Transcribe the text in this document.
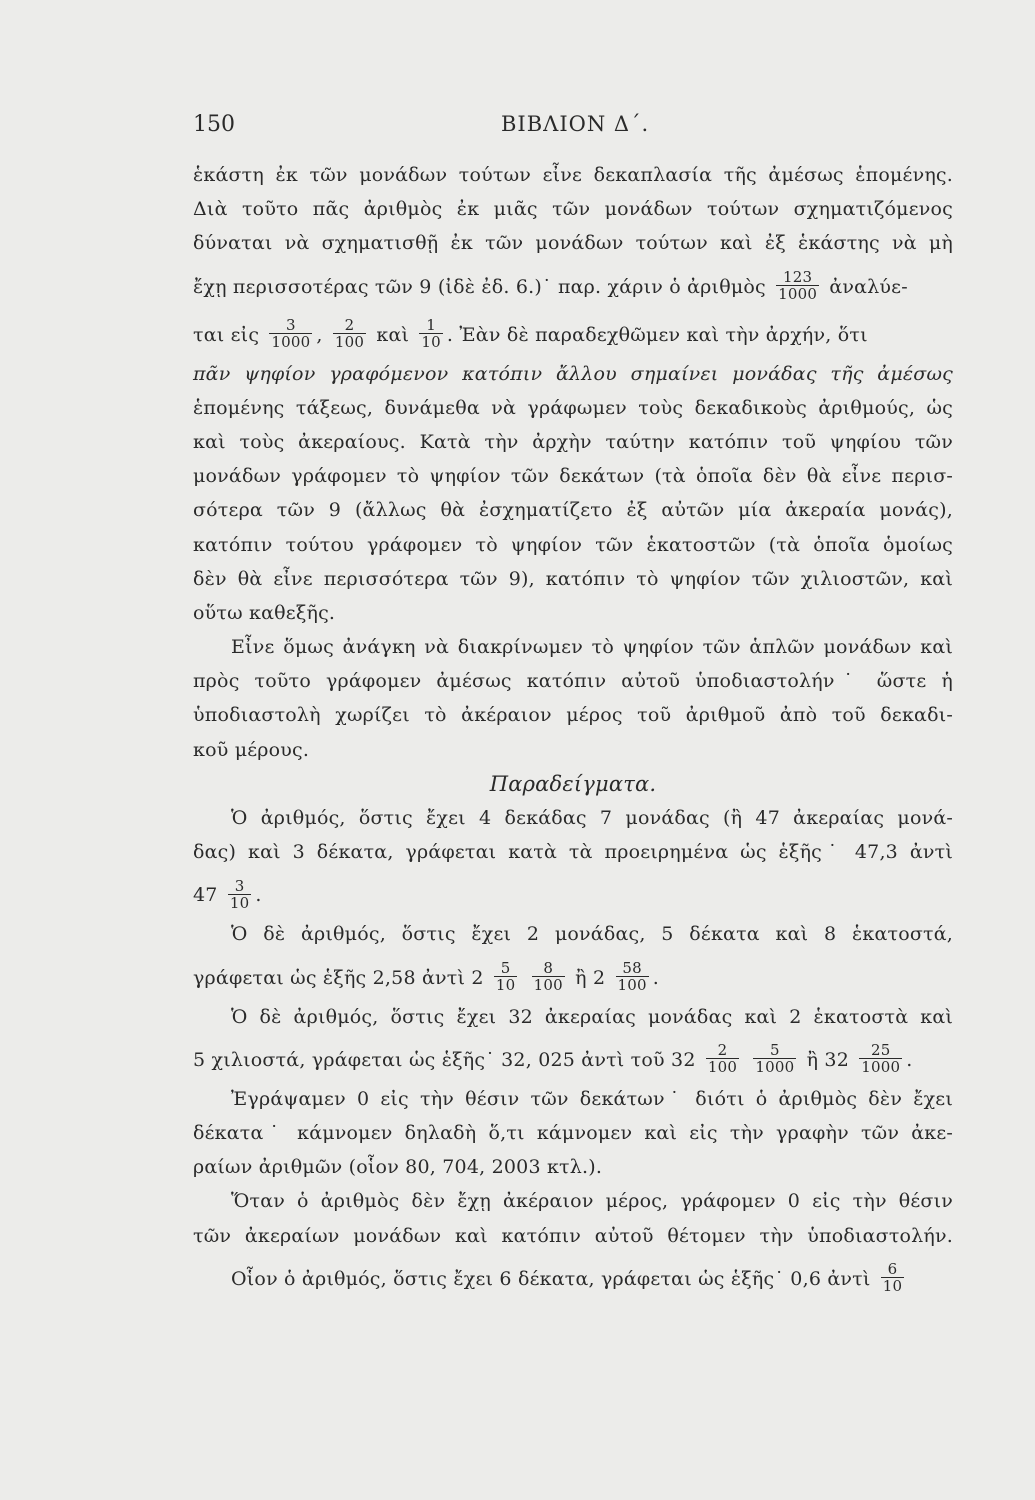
150	ΒΙΒΛΙΟΝ Δ΄.
ἑκάστη ἐκ τῶν μονάδων τούτων εἶνε δεκαπλασία τῆς ἀμέσως ἑπομένης.
Διὰ τοῦτο πᾶς ἀριθμὸς ἐκ μιᾶς τῶν μονάδων τούτων σχηματιζόμενος
δύναται νὰ σχηματισθῇ ἐκ τῶν μονάδων τούτων καὶ ἐξ ἑκάστης νὰ μὴ
ἔχῃ περισσοτέρας τῶν 9 (ἰδὲ ἐδ. 6.)˙ παρ. χάριν ὁ ἀριθμὸς $\frac{123}{1000}$ ἀναλύε-
ται εἰς $\frac{3}{1000}$ , $\frac{2}{100}$ καὶ $\frac{1}{10}$ . Ἐὰν δὲ παραδεχθῶμεν καὶ τὴν ἀρχήν, ὅτι
πᾶν ψηφίον γραφόμενον κατόπιν ἄλλου σημαίνει μονάδας τῆς ἀμέσως
ἑπομένης τάξεως, δυνάμεθα νὰ γράφωμεν τοὺς δεκαδικοὺς ἀριθμούς, ὡς
καὶ τοὺς ἀκεραίους. Κατὰ τὴν ἀρχὴν ταύτην κατόπιν τοῦ ψηφίου τῶν
μονάδων γράφομεν τὸ ψηφίον τῶν δεκάτων (τὰ ὁποῖα δὲν θὰ εἶνε περισ-
σότερα τῶν 9 (ἄλλως θὰ ἐσχηματίζετο ἐξ αὐτῶν μία ἀκεραία μονάς),
κατόπιν τούτου γράφομεν τὸ ψηφίον τῶν ἑκατοστῶν (τὰ ὁποῖα ὁμοίως
δὲν θὰ εἶνε περισσότερα τῶν 9), κατόπιν τὸ ψηφίον τῶν χιλιοστῶν, καὶ
οὕτω καθεξῆς.
Εἶνε ὅμως ἀνάγκη νὰ διακρίνωμεν τὸ ψηφίον τῶν ἁπλῶν μονάδων καὶ
πρὸς τοῦτο γράφομεν ἀμέσως κατόπιν αὐτοῦ ὑποδιαστολήν˙ ὥστε ἡ
ὑποδιαστολὴ χωρίζει τὸ ἀκέραιον μέρος τοῦ ἀριθμοῦ ἀπὸ τοῦ δεκαδι-
κοῦ μέρους.
Παραδείγματα.
Ὁ ἀριθμός, ὅστις ἔχει 4 δεκάδας 7 μονάδας (ἢ 47 ἀκεραίας μονά-
δας) καὶ 3 δέκατα, γράφεται κατὰ τὰ προειρημένα ὡς ἑξῆς˙ 47,3 ἀντὶ
$47 \frac{3}{10}$ .
Ὁ δὲ ἀριθμός, ὅστις ἔχει 2 μονάδας, 5 δέκατα καὶ 8 ἑκατοστά,
γράφεται ὡς ἑξῆς 2,58 ἀντὶ $2 \frac{5}{10}$
$\frac{8}{100}$ ἢ $2 \frac{58}{100}$ .
Ὁ δὲ ἀριθμός, ὅστις ἔχει 32 ἀκεραίας μονάδας καὶ 2 ἑκατοστὰ καὶ
5 χιλιοστά, γράφεται ὡς ἑξῆς˙ 32, 025 ἀντὶ τοῦ $32 \frac{2}{100}$
$\frac{5}{1000}$ ἢ $32 \frac{25}{1000}$ .
Ἐγράψαμεν 0 εἰς τὴν θέσιν τῶν δεκάτων˙ διότι ὁ ἀριθμὸς δὲν ἔχει
δέκατα˙ κάμνομεν δηλαδὴ ὅ,τι κάμνομεν καὶ εἰς τὴν γραφὴν τῶν ἀκε-
ραίων ἀριθμῶν (οἷον 80, 704, 2003 κτλ.).
Ὅταν ὁ ἀριθμὸς δὲν ἔχῃ ἀκέραιον μέρος, γράφομεν 0 εἰς τὴν θέσιν
τῶν ἀκεραίων μονάδων καὶ κατόπιν αὐτοῦ θέτομεν τὴν ὑποδιαστολήν.
Οἷον ὁ ἀριθμός, ὅστις ἔχει 6 δέκατα, γράφεται ὡς ἑξῆς˙ 0,6 ἀντὶ $\frac{6}{10}$
